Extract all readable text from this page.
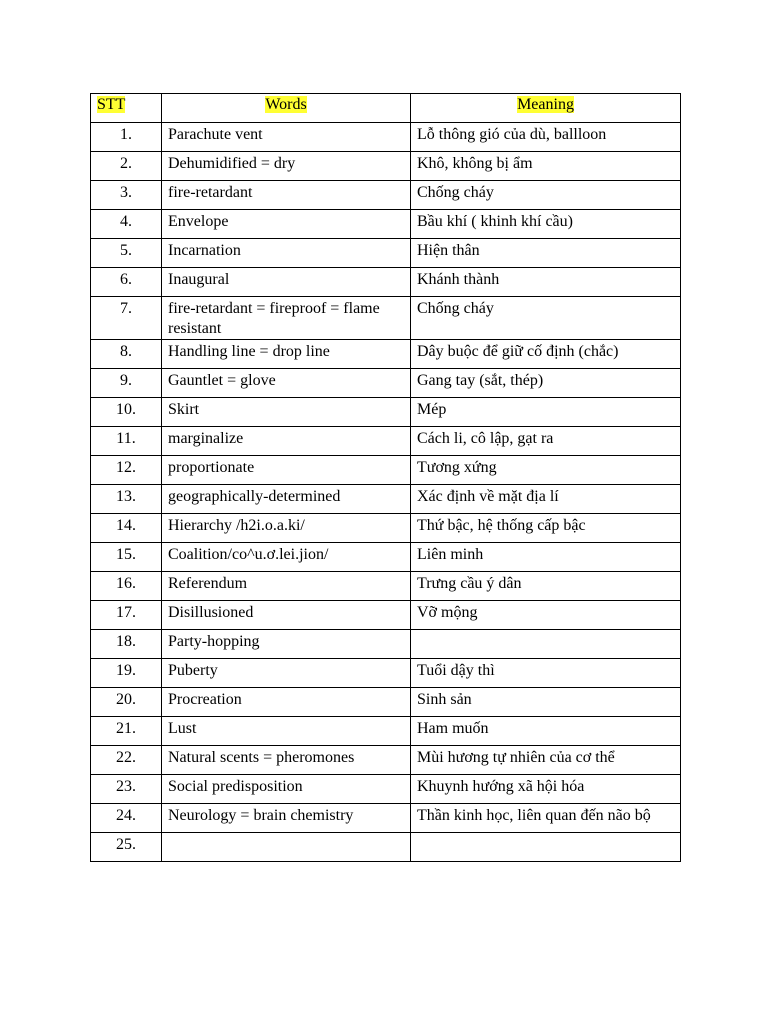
STT	Words	Meaning
1.	Parachute vent	Lỗ thông gió của dù, ballloon
2.	Dehumidified = dry	Khô, không bị ẩm
3.	fire-retardant	Chống cháy
4.	Envelope	Bầu khí ( khinh khí cầu)
5.	Incarnation	Hiện thân
6.	Inaugural	Khánh thành
7.	fire-retardant = fireproof = flame resistant	Chống cháy
8.	Handling line = drop line	Dây buộc để giữ cố định (chắc)
9.	Gauntlet = glove	Gang tay (sắt, thép)
10.	Skirt	Mép
11.	marginalize	Cách li, cô lập, gạt ra
12.	proportionate	Tương xứng
13.	geographically-determined	Xác định về mặt địa lí
14.	Hierarchy /h2i.o.a.ki/	Thứ bậc, hệ thống cấp bậc
15.	Coalition/co^u.ơ.lei.jion/	Liên minh
16.	Referendum	Trưng cầu ý dân
17.	Disillusioned	Vỡ mộng
18.	Party-hopping	
19.	Puberty	Tuổi dậy thì
20.	Procreation	Sinh sản
21.	Lust	Ham muốn
22.	Natural scents = pheromones	Mùi hương tự nhiên của cơ thể
23.	Social predisposition	Khuynh hướng xã hội hóa
24.	Neurology = brain chemistry	Thần kinh học, liên quan đến não bộ
25.		
